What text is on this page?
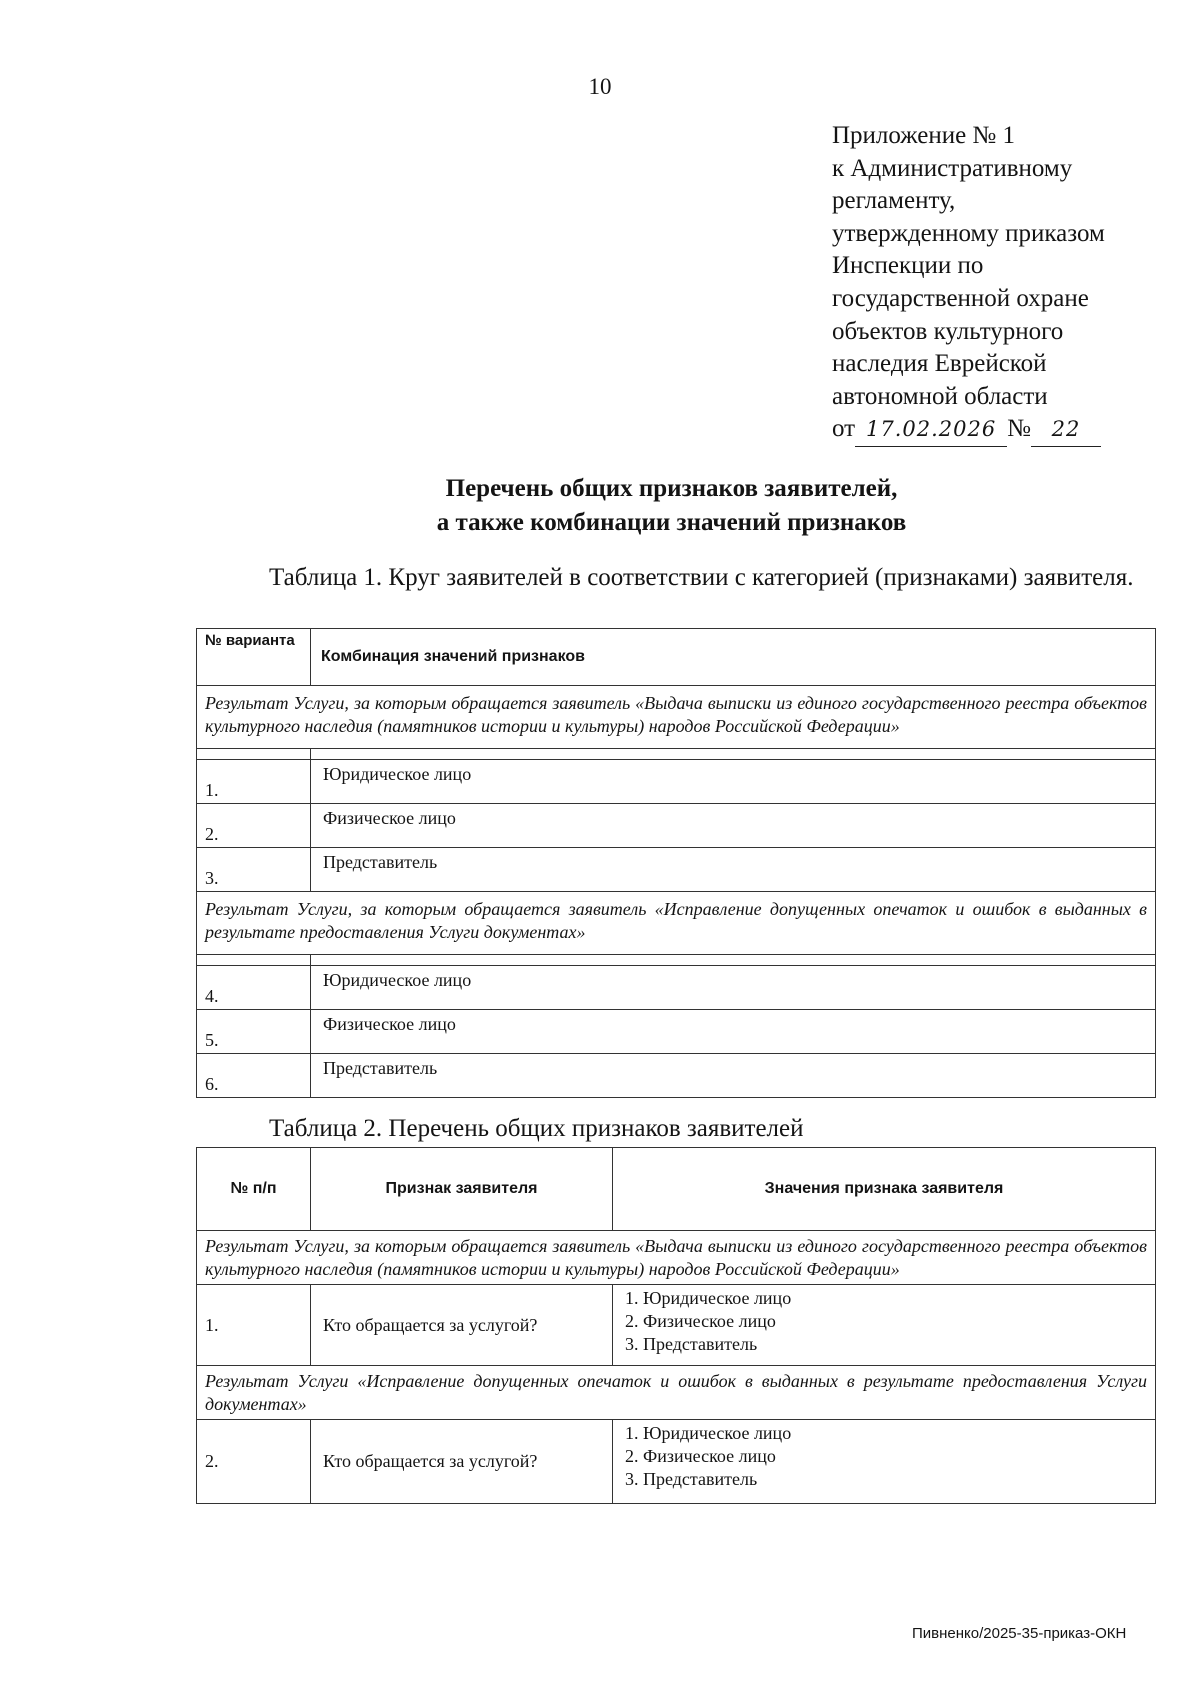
10
Приложение № 1
к Административному
регламенту,
утвержденному приказом
Инспекции по
государственной охране
объектов культурного
наследия Еврейской
автономной области
от 17.02.2026 № 22
Перечень общих признаков заявителей,
а также комбинации значений признаков
Таблица 1. Круг заявителей в соответствии с категорией (признаками) заявителя.
№ варианта	Комбинация значений признаков
Результат Услуги, за которым обращается заявитель «Выдача выписки из единого государственного реестра объектов культурного наследия (памятников истории и культуры) народов Российской Федерации»	

1.	Юридическое лицо
2.	Физическое лицо
3.	Представитель
Результат Услуги, за которым обращается заявитель «Исправление допущенных опечаток и ошибок в выданных в результате предоставления Услуги документах»	

4.	Юридическое лицо
5.	Физическое лицо
6.	Представитель
Таблица 2. Перечень общих признаков заявителей
№ п/п	Признак заявителя	Значения признака заявителя
Результат Услуги, за которым обращается заявитель «Выдача выписки из единого государственного реестра объектов культурного наследия (памятников истории и культуры) народов Российской Федерации»		
1.	Кто обращается за услугой?	1. Юридическое лицо
2. Физическое лицо
3. Представитель

Результат Услуги «Исправление допущенных опечаток и ошибок в выданных в результате предоставления Услуги документах»		
2.	Кто обращается за услугой?	1. Юридическое лицо
2. Физическое лицо
3. Представитель
Пивненко/2025-35-приказ-ОКН
